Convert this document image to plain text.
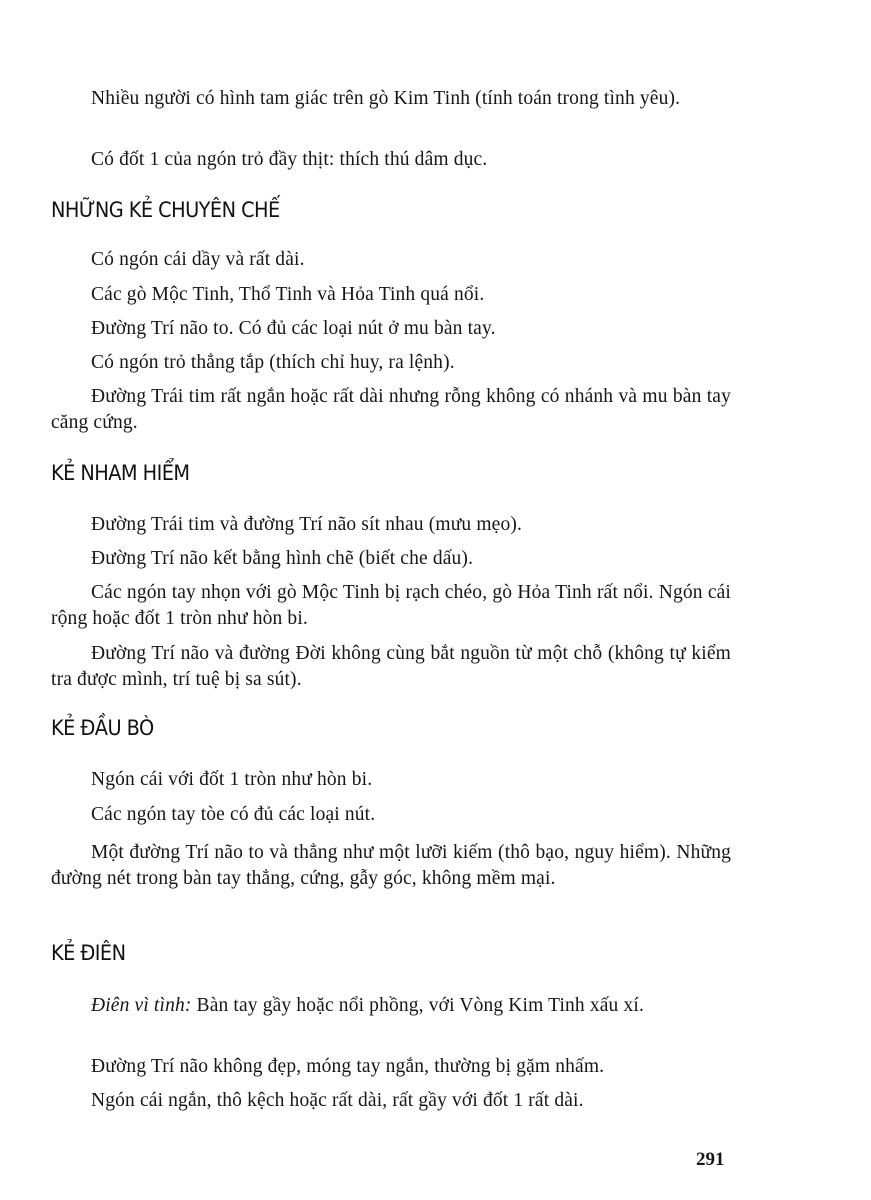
Nhiều người có hình tam giác trên gò Kim Tinh (tính toán trong tình yêu).

Có đốt 1 của ngón trỏ đầy thịt: thích thú dâm dục.

NHỮNG KẺ CHUYÊN CHẾ

Có ngón cái dầy và rất dài.

Các gò Mộc Tinh, Thổ Tinh và Hỏa Tinh quá nổi.

Đường Trí não to. Có đủ các loại nút ở mu bàn tay.

Có ngón trỏ thẳng tắp (thích chỉ huy, ra lệnh).

Đường Trái tim rất ngắn hoặc rất dài nhưng rỗng không có nhánh và mu bàn tay căng cứng.

KẺ NHAM HIỂM

Đường Trái tim và đường Trí não sít nhau (mưu mẹo).

Đường Trí não kết bằng hình chẽ (biết che dấu).

Các ngón tay nhọn với gò Mộc Tinh bị rạch chéo, gò Hỏa Tinh rất nổi. Ngón cái rộng hoặc đốt 1 tròn như hòn bi.

Đường Trí não và đường Đời không cùng bắt nguồn từ một chỗ (không tự kiểm tra được mình, trí tuệ bị sa sút).

KẺ ĐẦU BÒ

Ngón cái với đốt 1 tròn như hòn bi.

Các ngón tay tòe có đủ các loại nút.

Một đường Trí não to và thẳng như một lưỡi kiếm (thô bạo, nguy hiểm). Những đường nét trong bàn tay thẳng, cứng, gẫy góc, không mềm mại.

KẺ ĐIÊN

Điên vì tình: Bàn tay gầy hoặc nổi phồng, với Vòng Kim Tinh xấu xí.

Đường Trí não không đẹp, móng tay ngắn, thường bị gặm nhấm.

Ngón cái ngắn, thô kệch hoặc rất dài, rất gầy với đốt 1 rất dài.

291
